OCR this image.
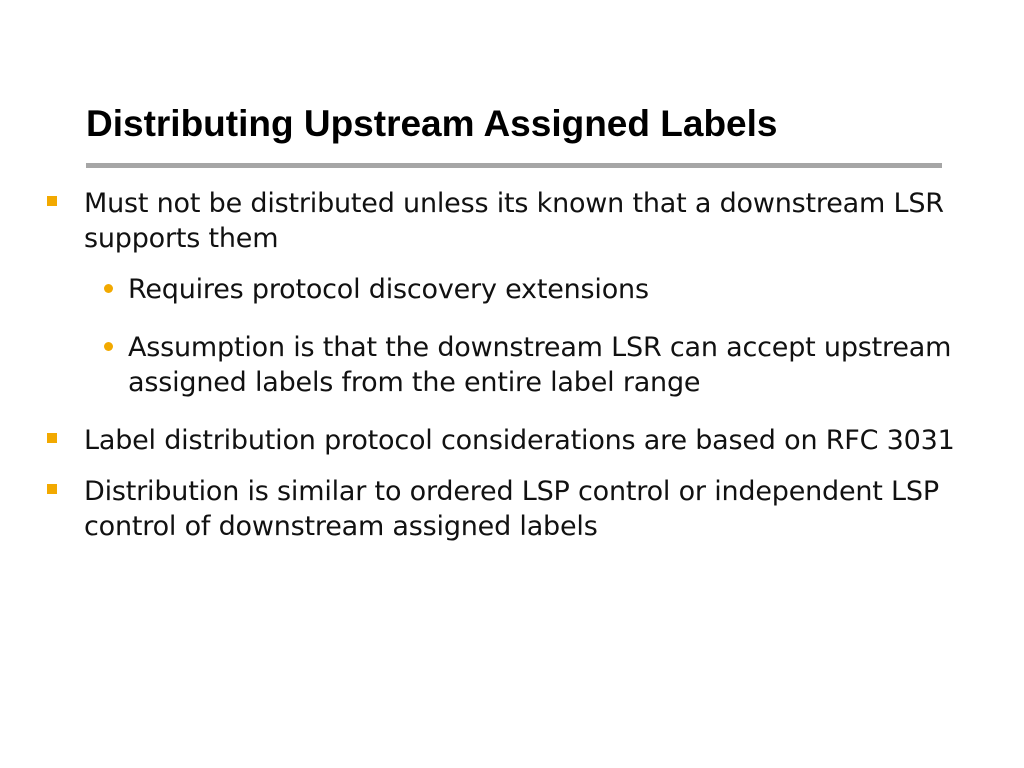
Distributing Upstream Assigned Labels
Must not be distributed unless its known that a downstream LSR supports them
Requires protocol discovery extensions
Assumption is that the downstream LSR can accept upstream assigned labels from the entire label range
Label distribution protocol considerations are based on RFC 3031
Distribution is similar to ordered LSP control or independent LSP control of downstream assigned labels
